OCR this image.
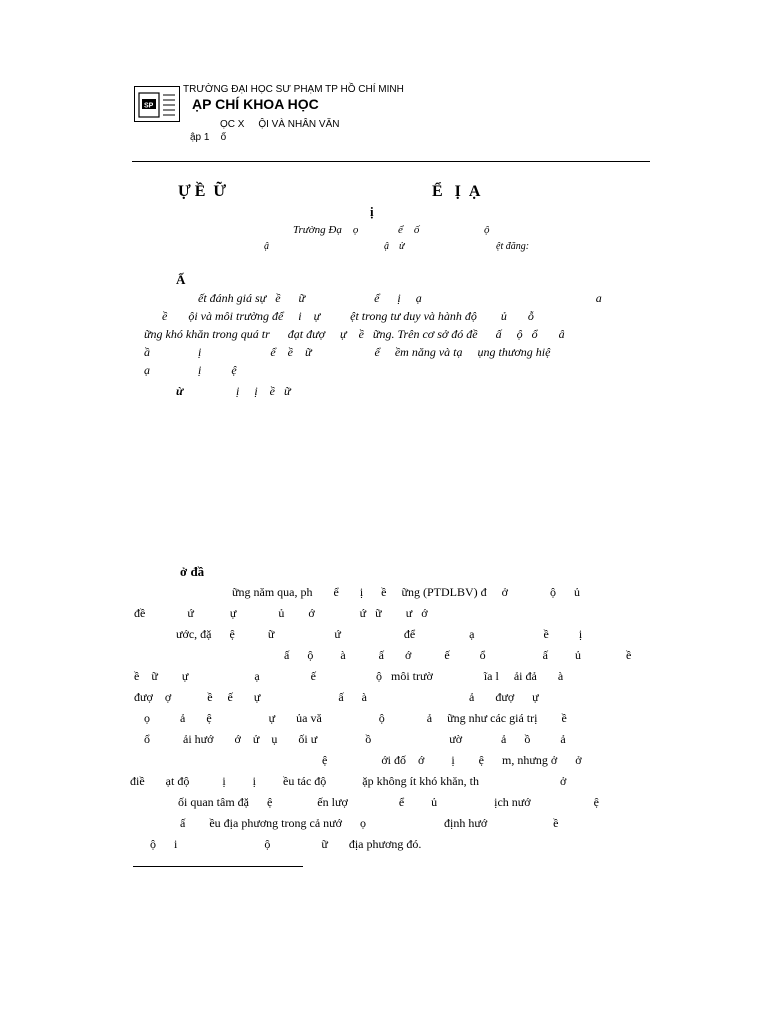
SP
TRƯỜNG ĐẠI HỌC SƯ PHẠM TP HỒ CHÍ MINH
ẠP CHÍ KHOA HỌC
ỌC X     ỘI VÀ NHÂN VĂN
ập 1    ố
Ự Ề  Ữ	Ể   Ị  Ạ
ị
Trường Đạ    ọ	ể    ố	ộ
ậ	ậ    ử	ệt đăng:
Ấ
ết đánh giá sự   ề      ữ                       ể      ị     ạ                                                          a
ề       ội và môi trường để     i    ự          ệt trong tư duy và hành độ        ủ       ỗ
ững khó khăn trong quá tr      đạt đượ     ự    ề   ững. Trên cơ sở đó đề      ấ     ộ   ổ       â
ầ                ị                       ể    ề    ữ                     ể     ềm năng và tạ     ụng thương hiệ
ạ                ị          ệ
ừ	ị     ị    ề   ữ
ở đầ
ững năm qua, ph       ể       ị      ề     ững (PTDLBV) đ     ở              ộ      ủ
đề              ứ            ự              ủ        ớ               ứ   ữ        ư   ớ
ước, đặ      ệ           ữ                    ứ                     để                  ạ                       ề          ị
ấ      ộ         à           ấ       ớ           ế          ổ                   ấ         ủ               ề
ề    ữ        ự                      ạ                 ế                    ộ   môi trườ                 ĩa l     ải đả       à
đượ    ợ            ề     ế       ự                          ấ      à                                  ả       đượ      ự
ọ          ả       ệ                   ự       ủa vă                   ộ              ả     ững như các giá trị        ề
ổ           ải hướ       ớ    ử    ụ       ối ư                ồ                          ườ             ả      ồ          ả
ệ                  ới đố    ớ         ị        ệ      m, nhưng ở      ở
điề       ạt độ           ị         ị         ều tác độ            ặp không ít khó khăn, th                           ở
ối quan tâm đặ      ệ               ến lượ                 ể         ủ                   ịch nướ                     ệ
ấ        ều địa phương trong cả nướ      ọ                          định hướ                      ề
ộ      i                             ộ                 ữ       địa phương đó.
